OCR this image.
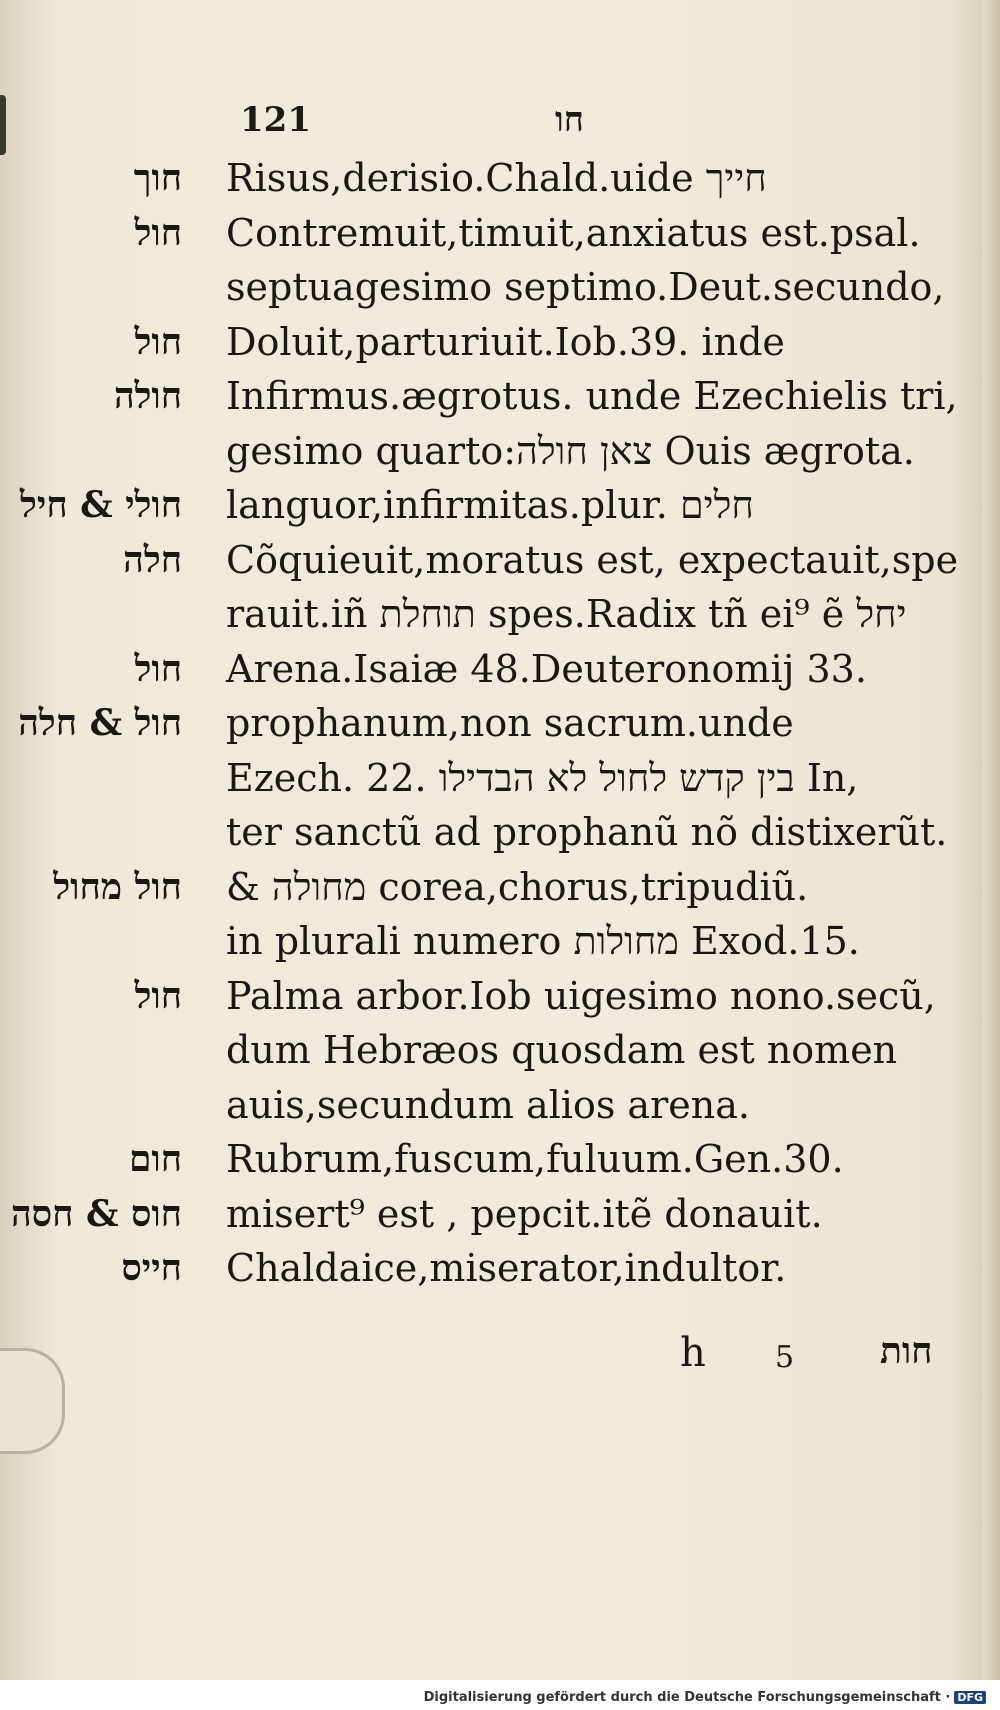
121	חו
חוך Risus,derisio.Chald.uide חייך
חול Contremuit,timuit,anxiatus est.psal.
septuagesimo septimo.Deut.secundo,
חול Doluit,parturiuit.Iob.39. inde
חולה Infirmus.ægrotus. unde Ezechielis tri,
gesimo quarto:צאן חולה Ouis ægrota.
חולי & חיל languor,infirmitas.plur. חלים
חלה Cõquieuit,moratus est, expectauit,spe
rauit.iñ תוחלת spes.Radix tñ ei⁹ ẽ יחל
חול Arena.Isaiæ 48.Deuteronomij 33.
חול & חלה prophanum,non sacrum.unde
Ezech. 22. בין קדש לחול לא הבדילו In,
ter sanctũ ad prophanũ nõ distixerũt.
חול מחול & מחולה corea,chorus,tripudiũ.
in plurali numero מחולות Exod.15.
חול Palma arbor.Iob uigesimo nono.secũ,
dum Hebræos quosdam est nomen
auis,secundum alios arena.
חום Rubrum,fuscum,fuluum.Gen.30.
חוס & חסה misert⁹ est , pepcit.itẽ donauit.
חייס Chaldaice,miserator,indultor.
h 5 חות
Digitalisierung gefördert durch die Deutsche Forschungsgemeinschaft · DFG
